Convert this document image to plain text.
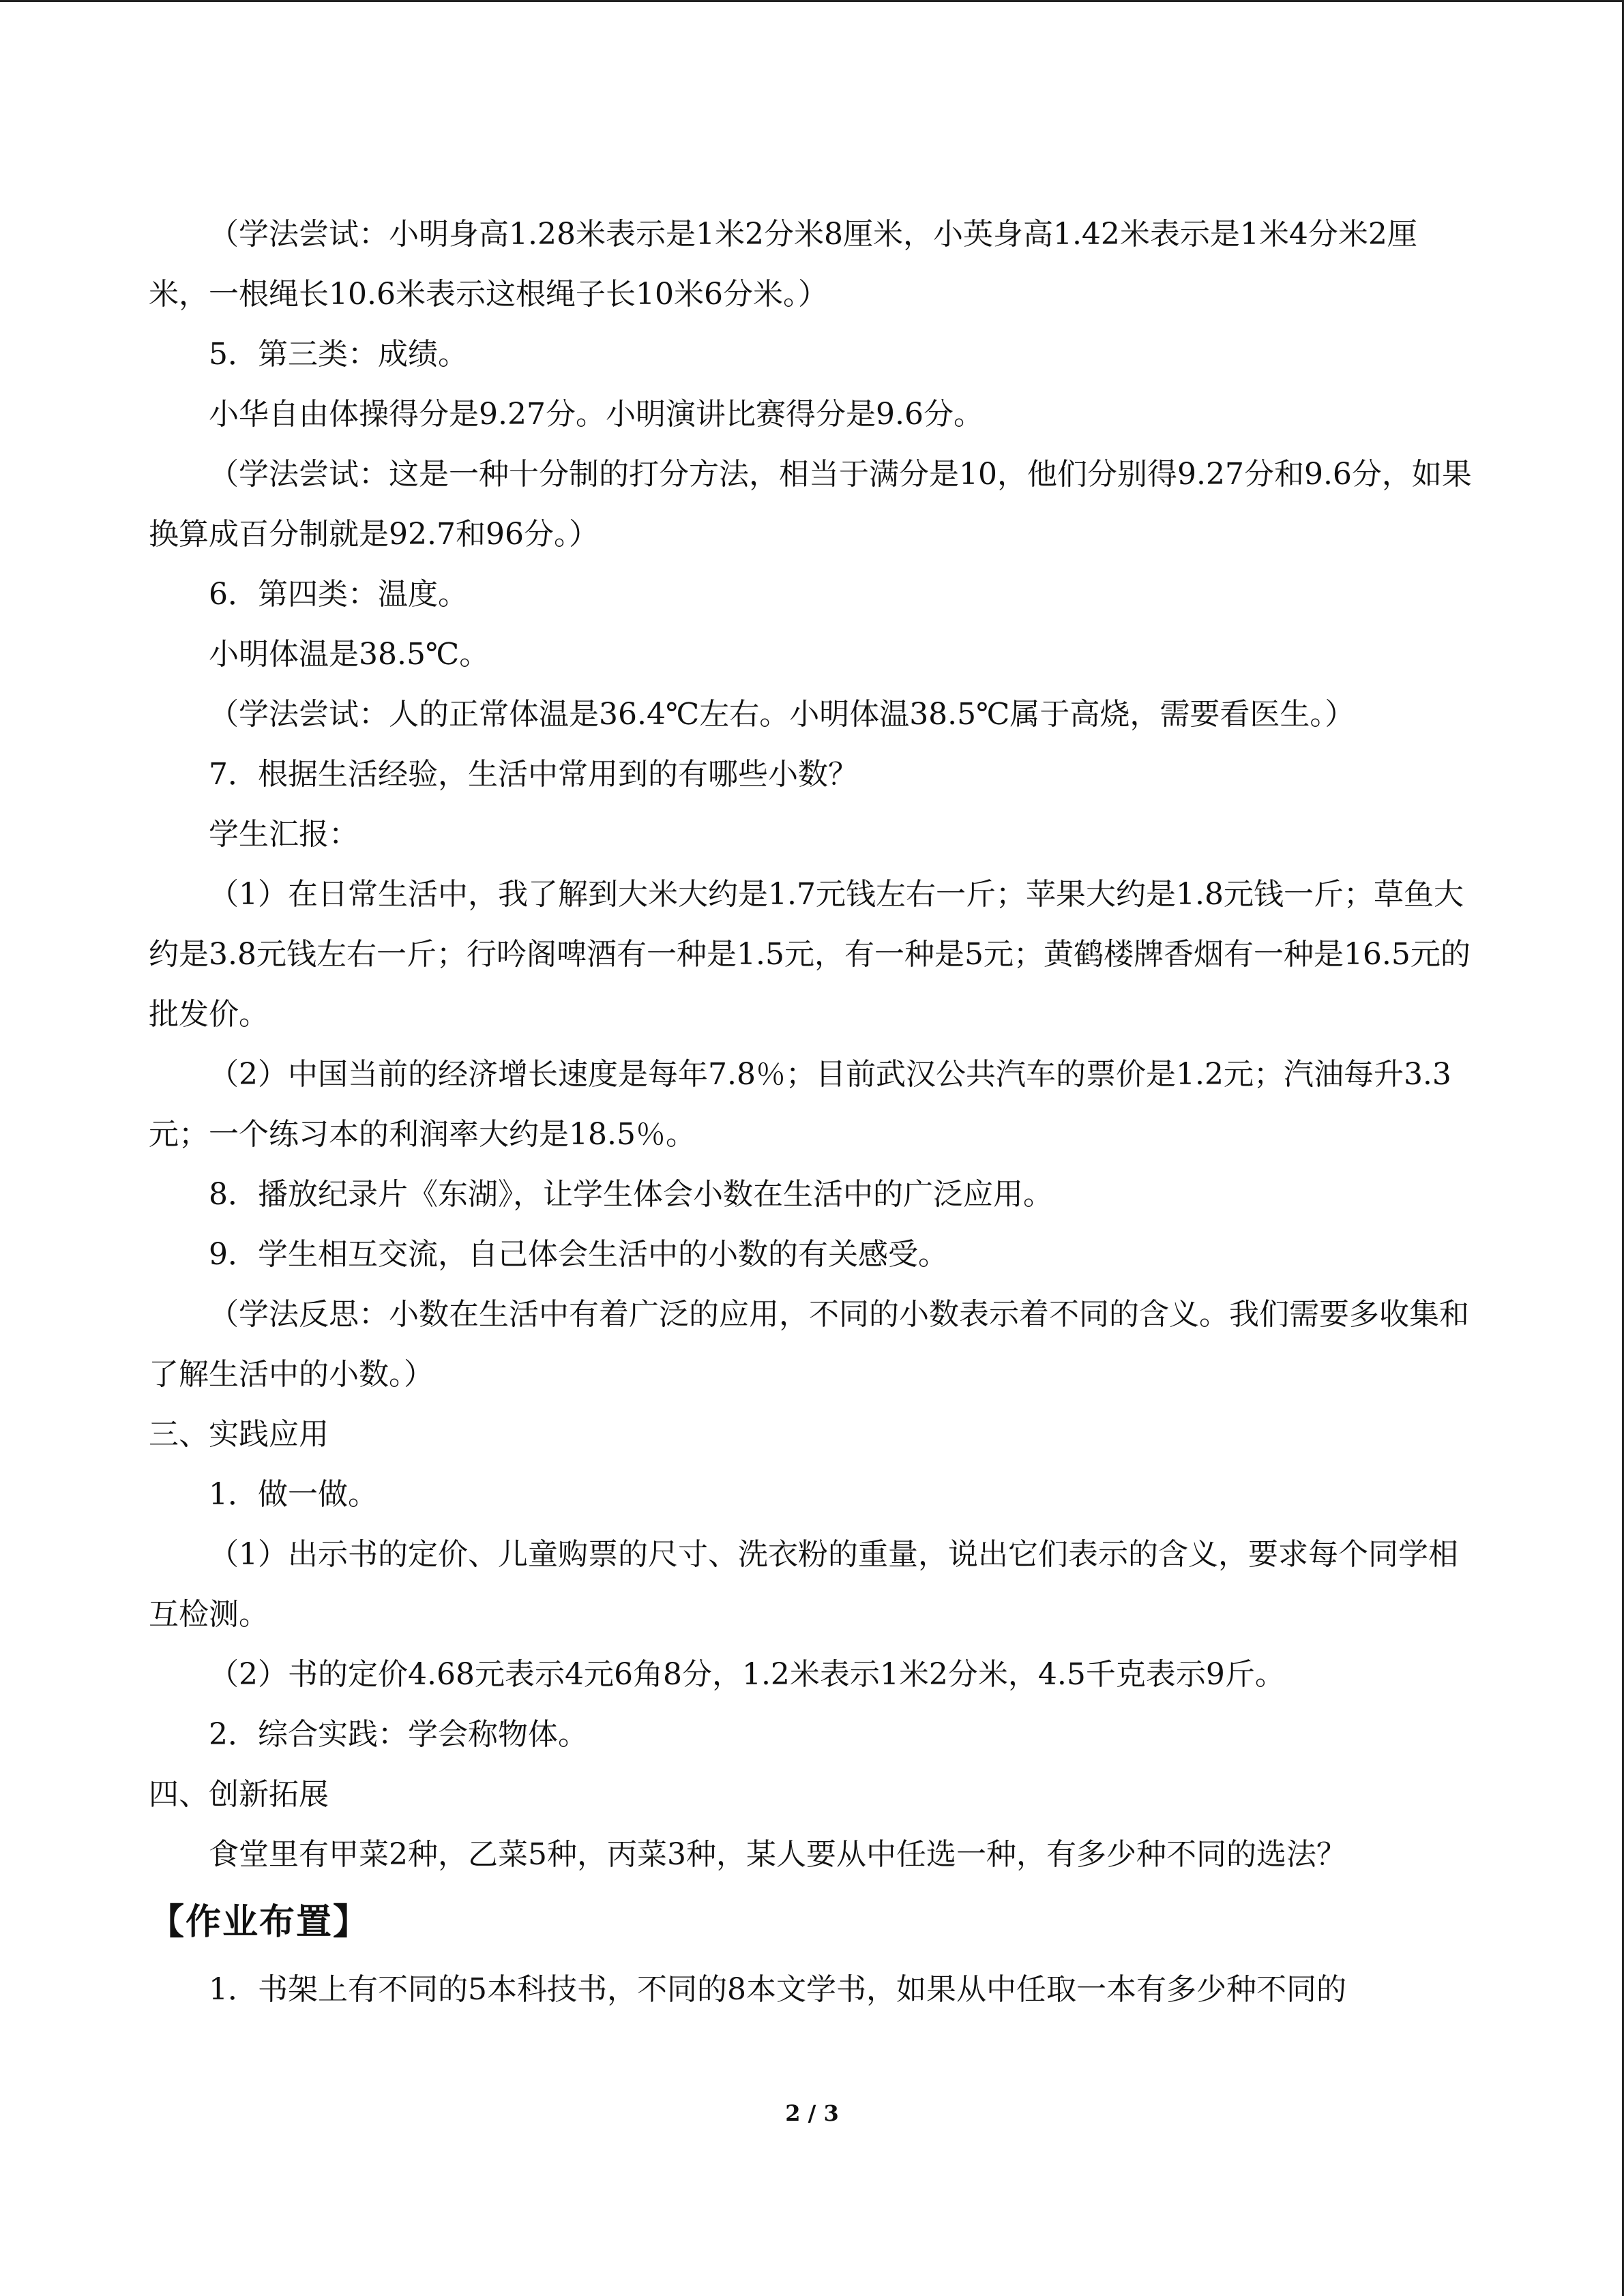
（学法尝试：小明身高1.28米表示是1米2分米8厘米，小英身高1.42米表示是1米4分米2厘米，一根绳长10.6米表示这根绳子长10米6分米。）

5．第三类：成绩。

小华自由体操得分是9.27分。小明演讲比赛得分是9.6分。

（学法尝试：这是一种十分制的打分方法，相当于满分是10，他们分别得9.27分和9.6分，如果换算成百分制就是92.7和96分。）

6．第四类：温度。

小明体温是38.5℃。

（学法尝试：人的正常体温是36.4℃左右。小明体温38.5℃属于高烧，需要看医生。）

7．根据生活经验，生活中常用到的有哪些小数？

学生汇报：

（1）在日常生活中，我了解到大米大约是1.7元钱左右一斤；苹果大约是1.8元钱一斤；草鱼大约是3.8元钱左右一斤；行吟阁啤酒有一种是1.5元，有一种是5元；黄鹤楼牌香烟有一种是16.5元的批发价。

（2）中国当前的经济增长速度是每年7.8％；目前武汉公共汽车的票价是1.2元；汽油每升3.3元；一个练习本的利润率大约是18.5％。

8．播放纪录片《东湖》，让学生体会小数在生活中的广泛应用。

9．学生相互交流，自己体会生活中的小数的有关感受。

（学法反思：小数在生活中有着广泛的应用，不同的小数表示着不同的含义。我们需要多收集和了解生活中的小数。）

三、实践应用

1．做一做。

（1）出示书的定价、儿童购票的尺寸、洗衣粉的重量，说出它们表示的含义，要求每个同学相互检测。

（2）书的定价4.68元表示4元6角8分，1.2米表示1米2分米，4.5千克表示9斤。

2．综合实践：学会称物体。

四、创新拓展

食堂里有甲菜2种，乙菜5种，丙菜3种，某人要从中任选一种，有多少种不同的选法？

【作业布置】

1．书架上有不同的5本科技书，不同的8本文学书，如果从中任取一本有多少种不同的

2 / 3
